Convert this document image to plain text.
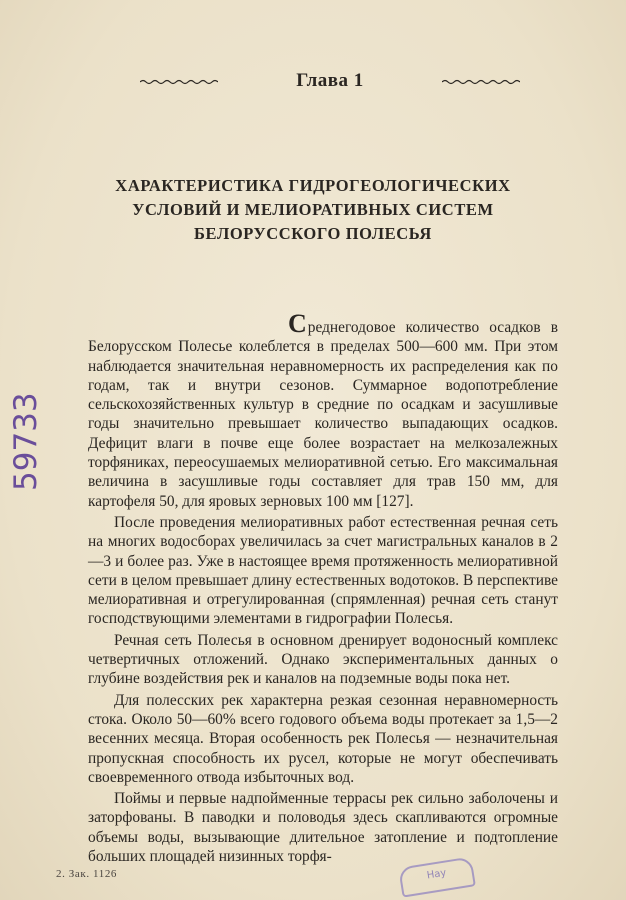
Глава 1
ХАРАКТЕРИСТИКА ГИДРОГЕОЛОГИЧЕСКИХ
УСЛОВИЙ И МЕЛИОРАТИВНЫХ СИСТЕМ
БЕЛОРУССКОГО ПОЛЕСЬЯ

Среднегодовое количество осадков в Белорусском Полесье колеблется в пределах 500—600 мм. При этом наблюдается значительная неравномерность их распределения как по годам, так и внутри сезонов. Суммарное водопотребление сельскохозяйственных культур в средние по осадкам и засушливые годы значительно превышает количество выпадающих осадков. Дефицит влаги в почве еще более возрастает на мелкозалежных торфяниках, переосушаемых мелиоративной сетью. Его максимальная величина в засушливые годы составляет для трав 150 мм, для картофеля 50, для яровых зерновых 100 мм [127].

После проведения мелиоративных работ естественная речная сеть на многих водосборах увеличилась за счет магистральных каналов в 2—3 и более раз. Уже в настоящее время протяженность мелиоративной сети в целом превышает длину естественных водотоков. В перспективе мелиоративная и отрегулированная (спрямленная) речная сеть станут господствующими элементами в гидрографии Полесья.

Речная сеть Полесья в основном дренирует водоносный комплекс четвертичных отложений. Однако экспериментальных данных о глубине воздействия рек и каналов на подземные воды пока нет.

Для полесских рек характерна резкая сезонная неравномерность стока. Около 50—60% всего годового объема воды протекает за 1,5—2 весенних месяца. Вторая особенность рек Полесья — незначительная пропускная способность их русел, которые не могут обеспечивать своевременного отвода избыточных вод.

Поймы и первые надпойменные террасы рек сильно заболочены и заторфованы. В паводки и половодья здесь скапливаются огромные объемы воды, вызывающие длительное затопление и подтопление больших площадей низинных торфя-

59733
2. Зак. 1126	Нау
